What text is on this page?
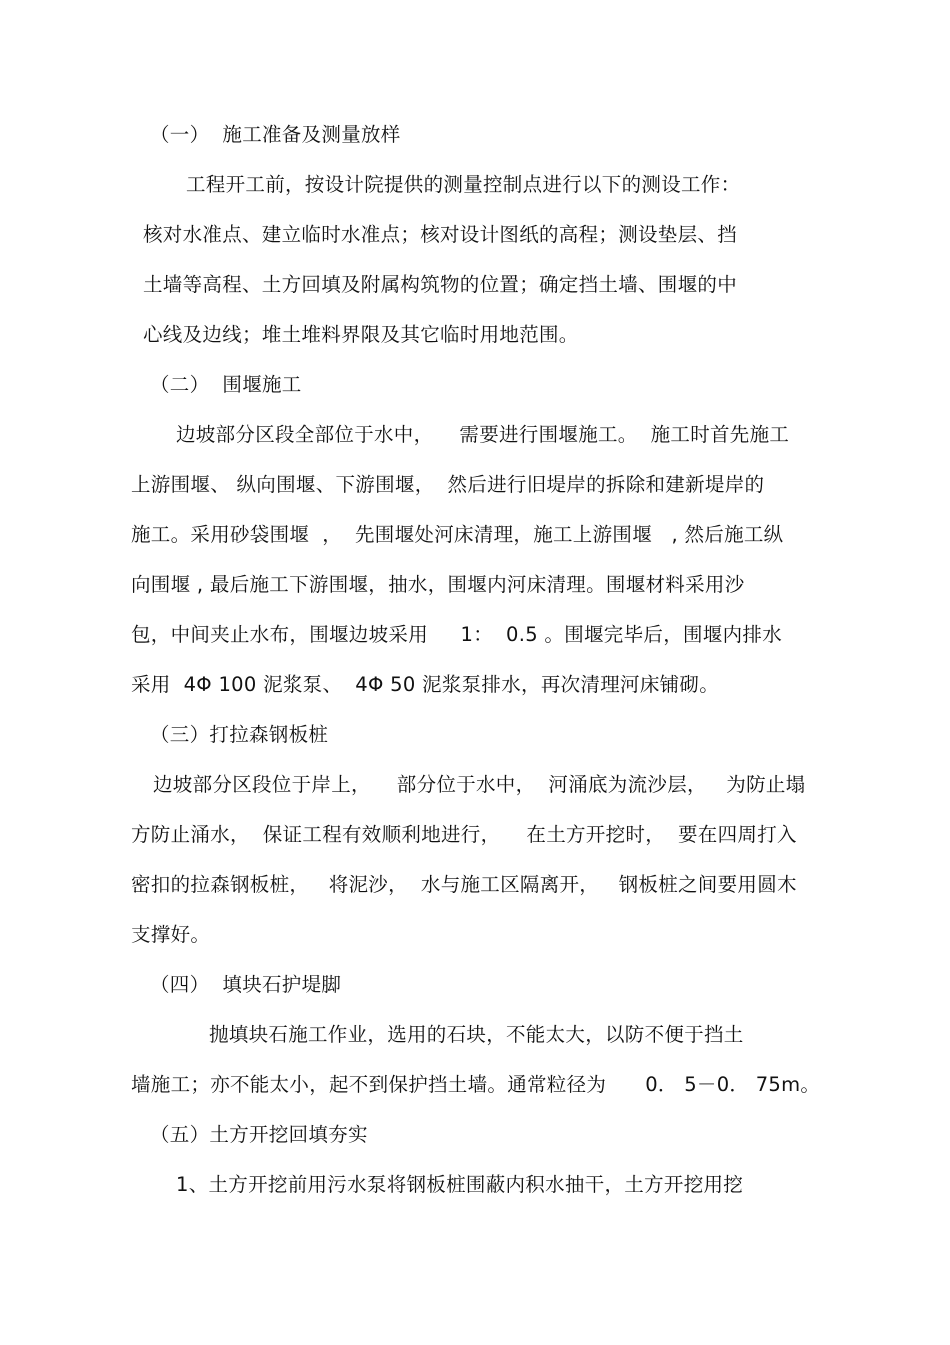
（一）  施工准备及测量放样
工程开工前，按设计院提供的测量控制点进行以下的测设工作：
核对水准点、建立临时水准点；核对设计图纸的高程；测设垫层、挡
土墙等高程、土方回填及附属构筑物的位置；确定挡土墙、围堰的中
心线及边线；堆土堆料界限及其它临时用地范围。
（二）  围堰施工
边坡部分区段全部位于水中，    需要进行围堰施工。  施工时首先施工
上游围堰、 纵向围堰、下游围堰，  然后进行旧堤岸的拆除和建新堤岸的
施工。采用砂袋围堰  ，  先围堰处河床清理，施工上游围堰   , 然后施工纵
向围堰 , 最后施工下游围堰，抽水，围堰内河床清理。围堰材料采用沙
包，中间夹止水布，围堰边坡采用     1：  0.5 。围堰完毕后，围堰内排水
采用  4Φ 100 泥浆泵、  4Φ 50 泥浆泵排水，再次清理河床铺砌。
（三）打拉森钢板桩
边坡部分区段位于岸上，    部分位于水中，  河涌底为流沙层，   为防止塌
方防止涌水，  保证工程有效顺利地进行，    在土方开挖时，  要在四周打入
密扣的拉森钢板桩，   将泥沙，  水与施工区隔离开，   钢板桩之间要用圆木
支撑好。
（四）  填块石护堤脚
抛填块石施工作业，选用的石块，不能太大，以防不便于挡土
墙施工；亦不能太小，起不到保护挡土墙。通常粒径为      0． 5－0． 75m。
（五）土方开挖回填夯实
1、土方开挖前用污水泵将钢板桩围蔽内积水抽干，土方开挖用挖
